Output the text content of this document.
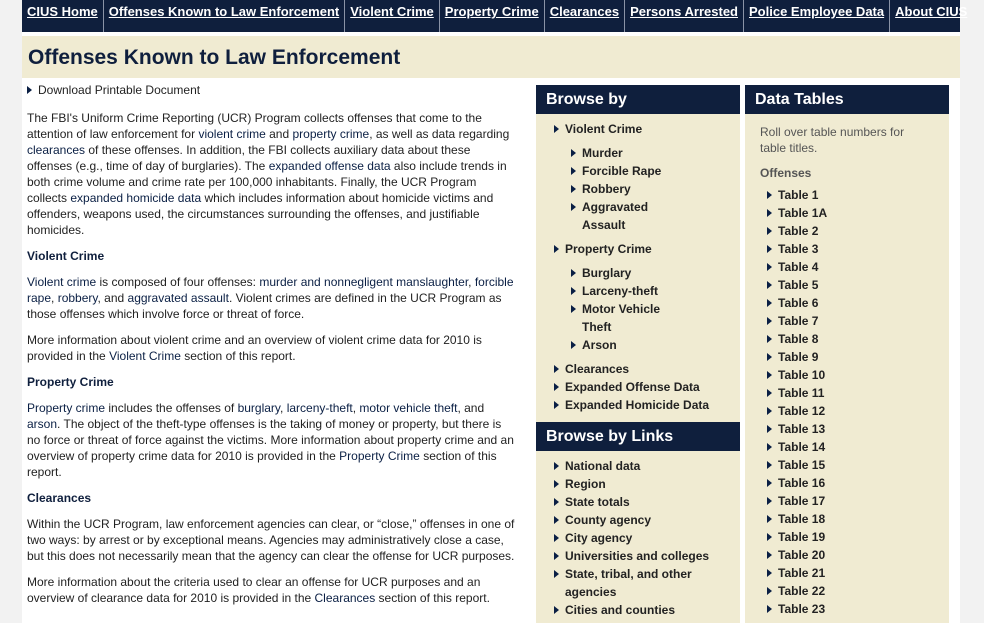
CIUS Home Offenses Known to Law Enforcement Violent Crime Property Crime Clearances Persons Arrested Police Employee Data About CIUS
Offenses Known to Law Enforcement
Download Printable Document

The FBI's Uniform Crime Reporting (UCR) Program collects offenses that come to the attention of law enforcement for violent crime and property crime, as well as data regarding clearances of these offenses. In addition, the FBI collects auxiliary data about these offenses (e.g., time of day of burglaries). The expanded offense data also include trends in both crime volume and crime rate per 100,000 inhabitants. Finally, the UCR Program collects expanded homicide data which includes information about homicide victims and offenders, weapons used, the circumstances surrounding the offenses, and justifiable homicides.

Violent Crime

Violent crime is composed of four offenses: murder and nonnegligent manslaughter, forcible rape, robbery, and aggravated assault. Violent crimes are defined in the UCR Program as those offenses which involve force or threat of force.

More information about violent crime and an overview of violent crime data for 2010 is provided in the Violent Crime section of this report.

Property Crime

Property crime includes the offenses of burglary, larceny-theft, motor vehicle theft, and arson. The object of the theft-type offenses is the taking of money or property, but there is no force or threat of force against the victims. More information about property crime and an overview of property crime data for 2010 is provided in the Property Crime section of this report.

Clearances

Within the UCR Program, law enforcement agencies can clear, or “close,” offenses in one of two ways: by arrest or by exceptional means. Agencies may administratively close a case, but this does not necessarily mean that the agency can clear the offense for UCR purposes.

More information about the criteria used to clear an offense for UCR purposes and an overview of clearance data for 2010 is provided in the Clearances section of this report.

Browse by
Violent Crime
Murder
Forcible Rape
Robbery
Aggravated Assault
Property Crime
Burglary
Larceny-theft
Motor Vehicle Theft
Arson
Clearances
Expanded Offense Data
Expanded Homicide Data
Browse by Links
National data
Region
State totals
County agency
City agency
Universities and colleges
State, tribal, and other agencies
Cities and counties
Data Tables
Roll over table numbers for table titles.
Offenses
Table 1
Table 1A
Table 2
Table 3
Table 4
Table 5
Table 6
Table 7
Table 8
Table 9
Table 10
Table 11
Table 12
Table 13
Table 14
Table 15
Table 16
Table 17
Table 18
Table 19
Table 20
Table 21
Table 22
Table 23
